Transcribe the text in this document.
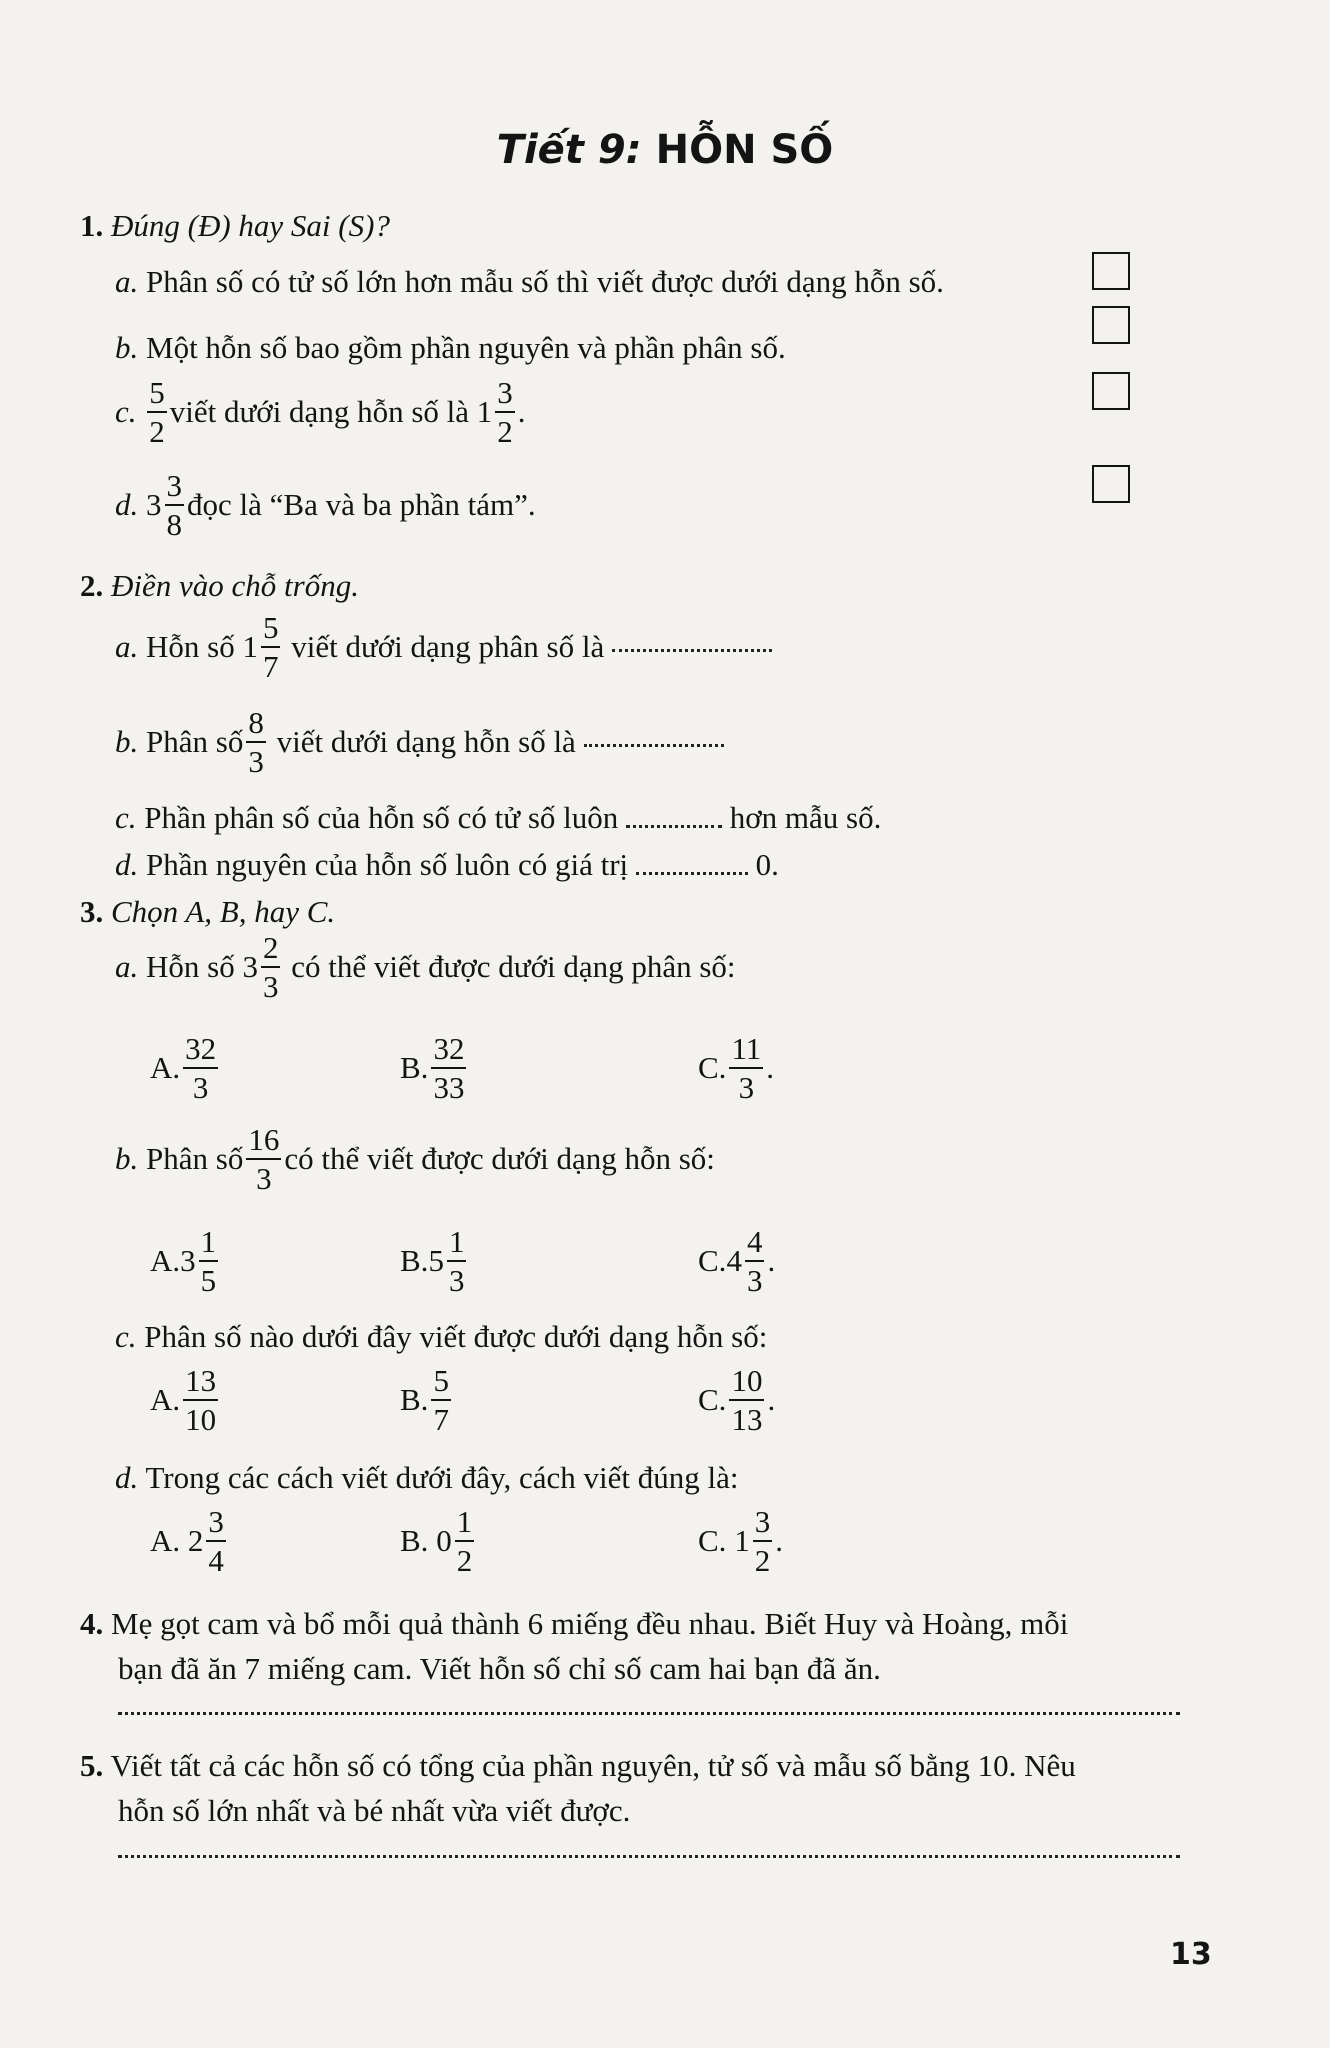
Tiết 9: HỖN SỐ
1. Đúng (Đ) hay Sai (S)?
a. Phân số có tử số lớn hơn mẫu số thì viết được dưới dạng hỗn số.
b. Một hỗn số bao gồm phần nguyên và phần phân số.
c.
$\frac{5}{2}$ viết dưới dạng hỗn số là
$1 \frac{3}{2}$ .
d.
$3 \frac{3}{8}$ đọc là “Ba và ba phần tám”.
2. Điền vào chỗ trống.
a.
Hỗn số
$1 \frac{5}{7}$
viết dưới dạng phân số là

b.
Phân số $\frac{8}{3}$
viết dưới dạng hỗn số là

c. Phần phân số của hỗn số có tử số luôn	hơn mẫu số.
d. Phần nguyên của hỗn số luôn có giá trị	0.
3. Chọn A, B, hay C.
a.
Hỗn số
$3 \frac{2}{3}$
có thể viết được dưới dạng phân số:
A. $\frac{32}{3}$	B. $\frac{32}{33}$	C. $\frac{11}{3}$ .
b.
Phân số $\frac{16}{3}$ có thể viết được dưới dạng hỗn số:
A. $3 \frac{1}{5}$	B. $5 \frac{1}{3}$	C. $4 \frac{4}{3}$ .
c. Phân số nào dưới đây viết được dưới dạng hỗn số:
A. $\frac{13}{10}$	B. $\frac{5}{7}$	C. $\frac{10}{13}$ .
d. Trong các cách viết dưới đây, cách viết đúng là:
A.
$2 \frac{3}{4}$	B.
$0 \frac{1}{2}$	C.
$1 \frac{3}{2}$ .
4. Mẹ gọt cam và bổ mỗi quả thành 6 miếng đều nhau. Biết Huy và Hoàng, mỗi
bạn đã ăn 7 miếng cam. Viết hỗn số chỉ số cam hai bạn đã ăn.
5. Viết tất cả các hỗn số có tổng của phần nguyên, tử số và mẫu số bằng 10. Nêu
hỗn số lớn nhất và bé nhất vừa viết được.
13
